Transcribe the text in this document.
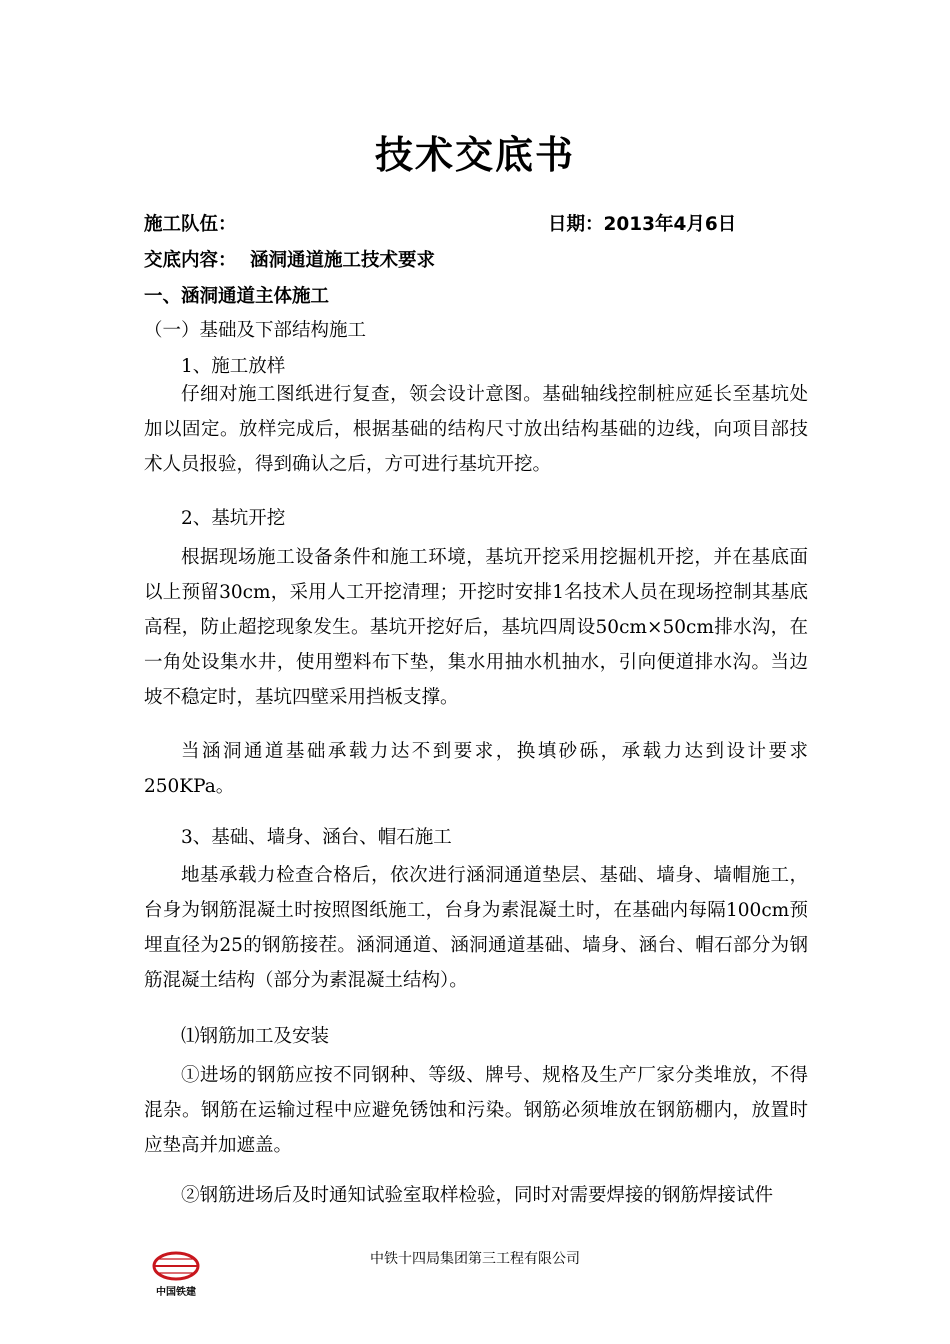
技术交底书
施工队伍：	日期：2013年4月6日
交底内容： 涵洞通道施工技术要求
一、涵洞通道主体施工
（一）基础及下部结构施工
1、施工放样
仔细对施工图纸进行复查，领会设计意图。基础轴线控制桩应延长至基坑处加以固定。放样完成后，根据基础的结构尺寸放出结构基础的边线，向项目部技术人员报验，得到确认之后，方可进行基坑开挖。
2、基坑开挖
根据现场施工设备条件和施工环境，基坑开挖采用挖掘机开挖，并在基底面以上预留30cm，采用人工开挖清理；开挖时安排1名技术人员在现场控制其基底高程，防止超挖现象发生。基坑开挖好后，基坑四周设50cm×50cm排水沟，在一角处设集水井，使用塑料布下垫，集水用抽水机抽水，引向便道排水沟。当边坡不稳定时，基坑四壁采用挡板支撑。
当涵洞通道基础承载力达不到要求，换填砂砾，承载力达到设计要求250KPa。
3、基础、墙身、涵台、帽石施工
地基承载力检查合格后，依次进行涵洞通道垫层、基础、墙身、墙帽施工，台身为钢筋混凝土时按照图纸施工，台身为素混凝土时，在基础内每隔100cm预埋直径为25的钢筋接茬。涵洞通道、涵洞通道基础、墙身、涵台、帽石部分为钢筋混凝土结构（部分为素混凝土结构）。
⑴钢筋加工及安装
①进场的钢筋应按不同钢种、等级、牌号、规格及生产厂家分类堆放，不得混杂。钢筋在运输过程中应避免锈蚀和污染。钢筋必须堆放在钢筋棚内，放置时应垫高并加遮盖。
②钢筋进场后及时通知试验室取样检验，同时对需要焊接的钢筋焊接试件
中国铁建
中铁十四局集团第三工程有限公司
